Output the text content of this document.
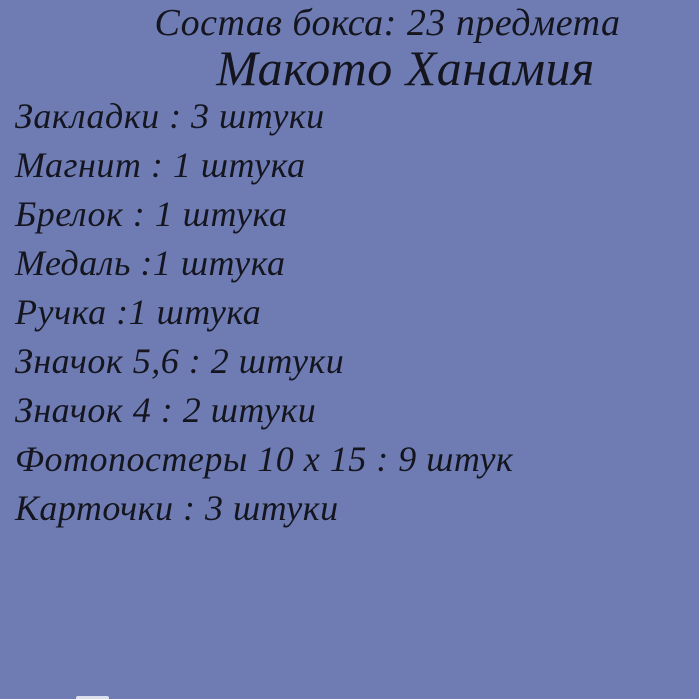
Состав бокса: 23 предмета
Макото Ханамия
Закладки : 3 штуки
Магнит : 1 штука
Брелок : 1 штука
Медаль :1 штука
Ручка :1 штука
Значок 5,6 : 2 штуки
Значок 4 : 2 штуки
Фотопостеры 10 x 15 : 9 штук
Карточки : 3 штуки
